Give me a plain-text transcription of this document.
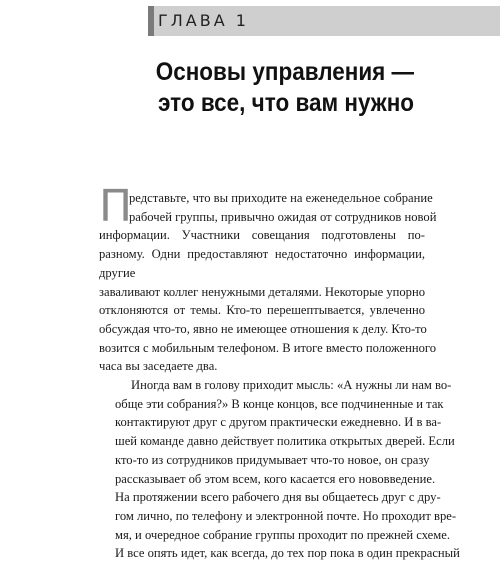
ГЛАВА 1
Основы управления —
это все, что вам нужно
П
редставьте, что вы приходите на еженедельное собрание
рабочей группы, привычно ожидая от сотрудников новой
информации. Участники совещания подготовлены по-разному. Одни предоставляют недостаточно информации, другие
заваливают коллег ненужными деталями. Некоторые упорно
отклоняются от темы. Кто-то перешептывается, увлеченно
обсуждая что-то, явно не имеющее отношения к делу. Кто-то
возится с мобильным телефоном. В итоге вместо положенного
часа вы заседаете два.
Иногда вам в голову приходит мысль: «А нужны ли нам во-
обще эти собрания?» В конце концов, все подчиненные и так
контактируют друг с другом практически ежедневно. И в ва-
шей команде давно действует политика открытых дверей. Если
кто-то из сотрудников придумывает что-то новое, он сразу
рассказывает об этом всем, кого касается его нововведение.
На протяжении всего рабочего дня вы общаетесь друг с дру-
гом лично, по телефону и электронной почте. Но проходит вре-
мя, и очередное собрание группы проходит по прежней схеме.
И все опять идет, как всегда, до тех пор пока в один прекрасный
